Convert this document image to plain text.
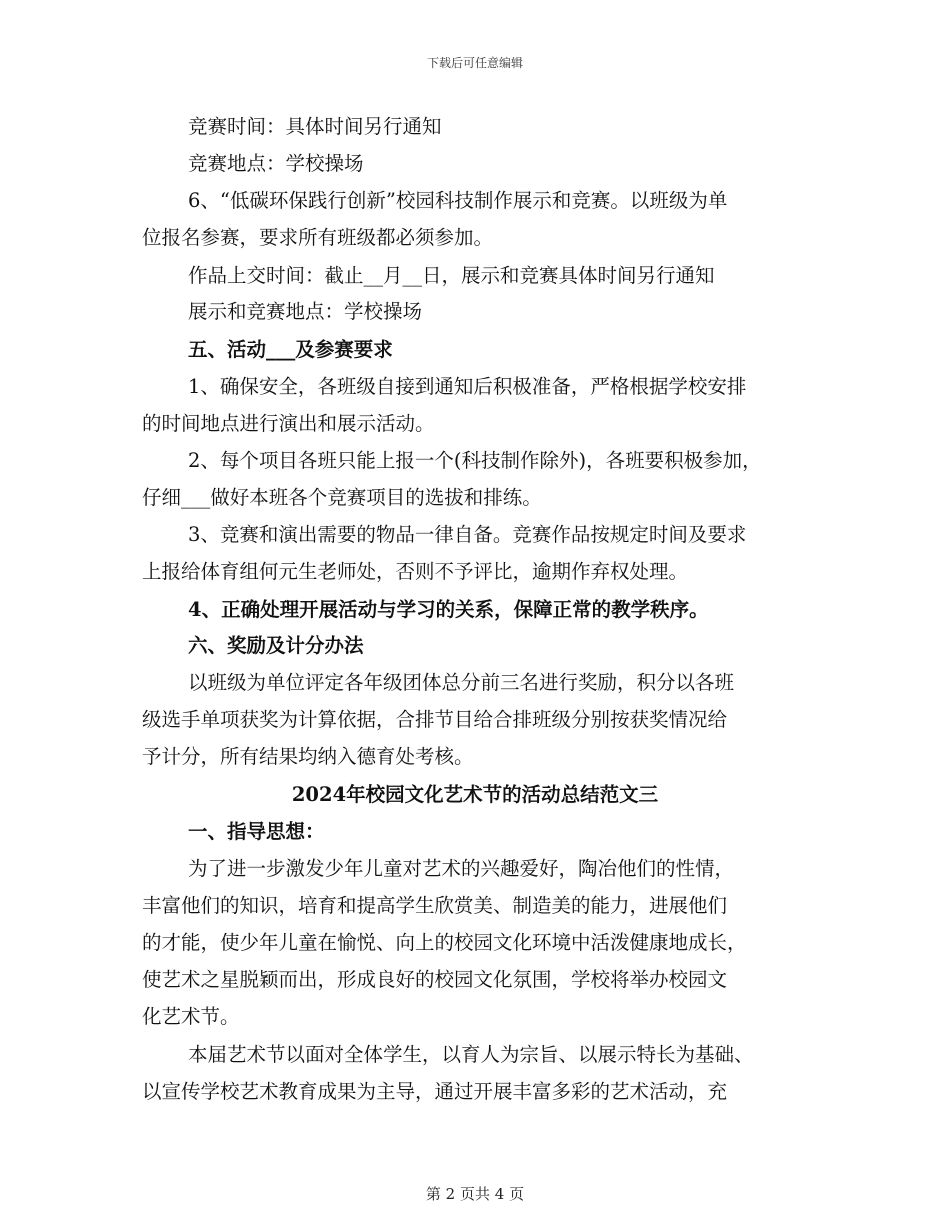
下载后可任意编辑
竞赛时间：具体时间另行通知
竞赛地点：学校操场
6、“低碳环保践行创新”校园科技制作展示和竞赛。以班级为单
位报名参赛，要求所有班级都必须参加。
作品上交时间：截止__月__日，展示和竞赛具体时间另行通知
展示和竞赛地点：学校操场
五、活动___及参赛要求
1、确保安全，各班级自接到通知后积极准备，严格根据学校安排
的时间地点进行演出和展示活动。
2、每个项目各班只能上报一个(科技制作除外)，各班要积极参加，
仔细___做好本班各个竞赛项目的选拔和排练。
3、竞赛和演出需要的物品一律自备。竞赛作品按规定时间及要求
上报给体育组何元生老师处，否则不予评比，逾期作弃权处理。
4、正确处理开展活动与学习的关系，保障正常的教学秩序。
六、奖励及计分办法
以班级为单位评定各年级团体总分前三名进行奖励，积分以各班
级选手单项获奖为计算依据，合排节目给合排班级分别按获奖情况给
予计分，所有结果均纳入德育处考核。
2024年校园文化艺术节的活动总结范文三
一、指导思想：
为了进一步激发少年儿童对艺术的兴趣爱好，陶冶他们的性情，
丰富他们的知识，培育和提高学生欣赏美、制造美的能力，进展他们
的才能，使少年儿童在愉悦、向上的校园文化环境中活泼健康地成长，
使艺术之星脱颖而出，形成良好的校园文化氛围，学校将举办校园文
化艺术节。
本届艺术节以面对全体学生，以育人为宗旨、以展示特长为基础、
以宣传学校艺术教育成果为主导，通过开展丰富多彩的艺术活动，充
第 2 页共 4 页
